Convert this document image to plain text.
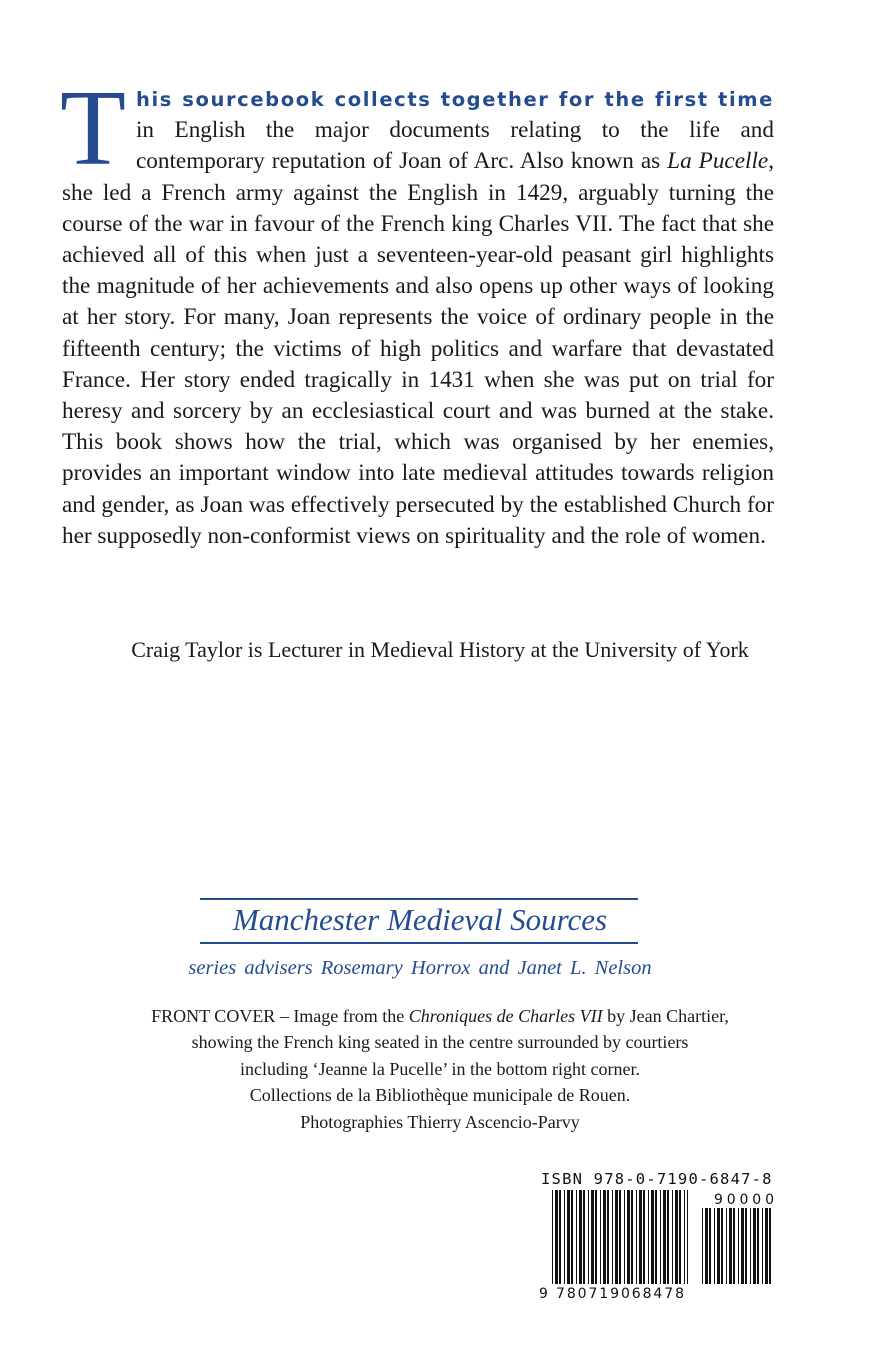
This sourcebook collects together for the first time in English the major documents relating to the life and contemporary reputation of Joan of Arc. Also known as La Pucelle, she led a French army against the English in 1429, arguably turning the course of the war in favour of the French king Charles VII. The fact that she achieved all of this when just a seventeen-year-old peasant girl highlights the magnitude of her achievements and also opens up other ways of looking at her story. For many, Joan represents the voice of ordinary people in the fifteenth century; the victims of high politics and warfare that devastated France. Her story ended tragically in 1431 when she was put on trial for heresy and sorcery by an ecclesiastical court and was burned at the stake. This book shows how the trial, which was organised by her enemies, provides an important window into late medieval attitudes towards religion and gender, as Joan was effectively persecuted by the established Church for her supposedly non-conformist views on spirituality and the role of women.

Craig Taylor is Lecturer in Medieval History at the University of York

Manchester Medieval Sources

series advisers Rosemary Horrox and Janet L. Nelson

FRONT COVER – Image from the Chroniques de Charles VII by Jean Chartier,
showing the French king seated in the centre surrounded by courtiers
including ‘Jeanne la Pucelle’ in the bottom right corner.
Collections de la Bibliothèque municipale de Rouen.
Photographies Thierry Ascencio-Parvy

ISBN 978-0-7190-6847-8

9 780719068478
90000
